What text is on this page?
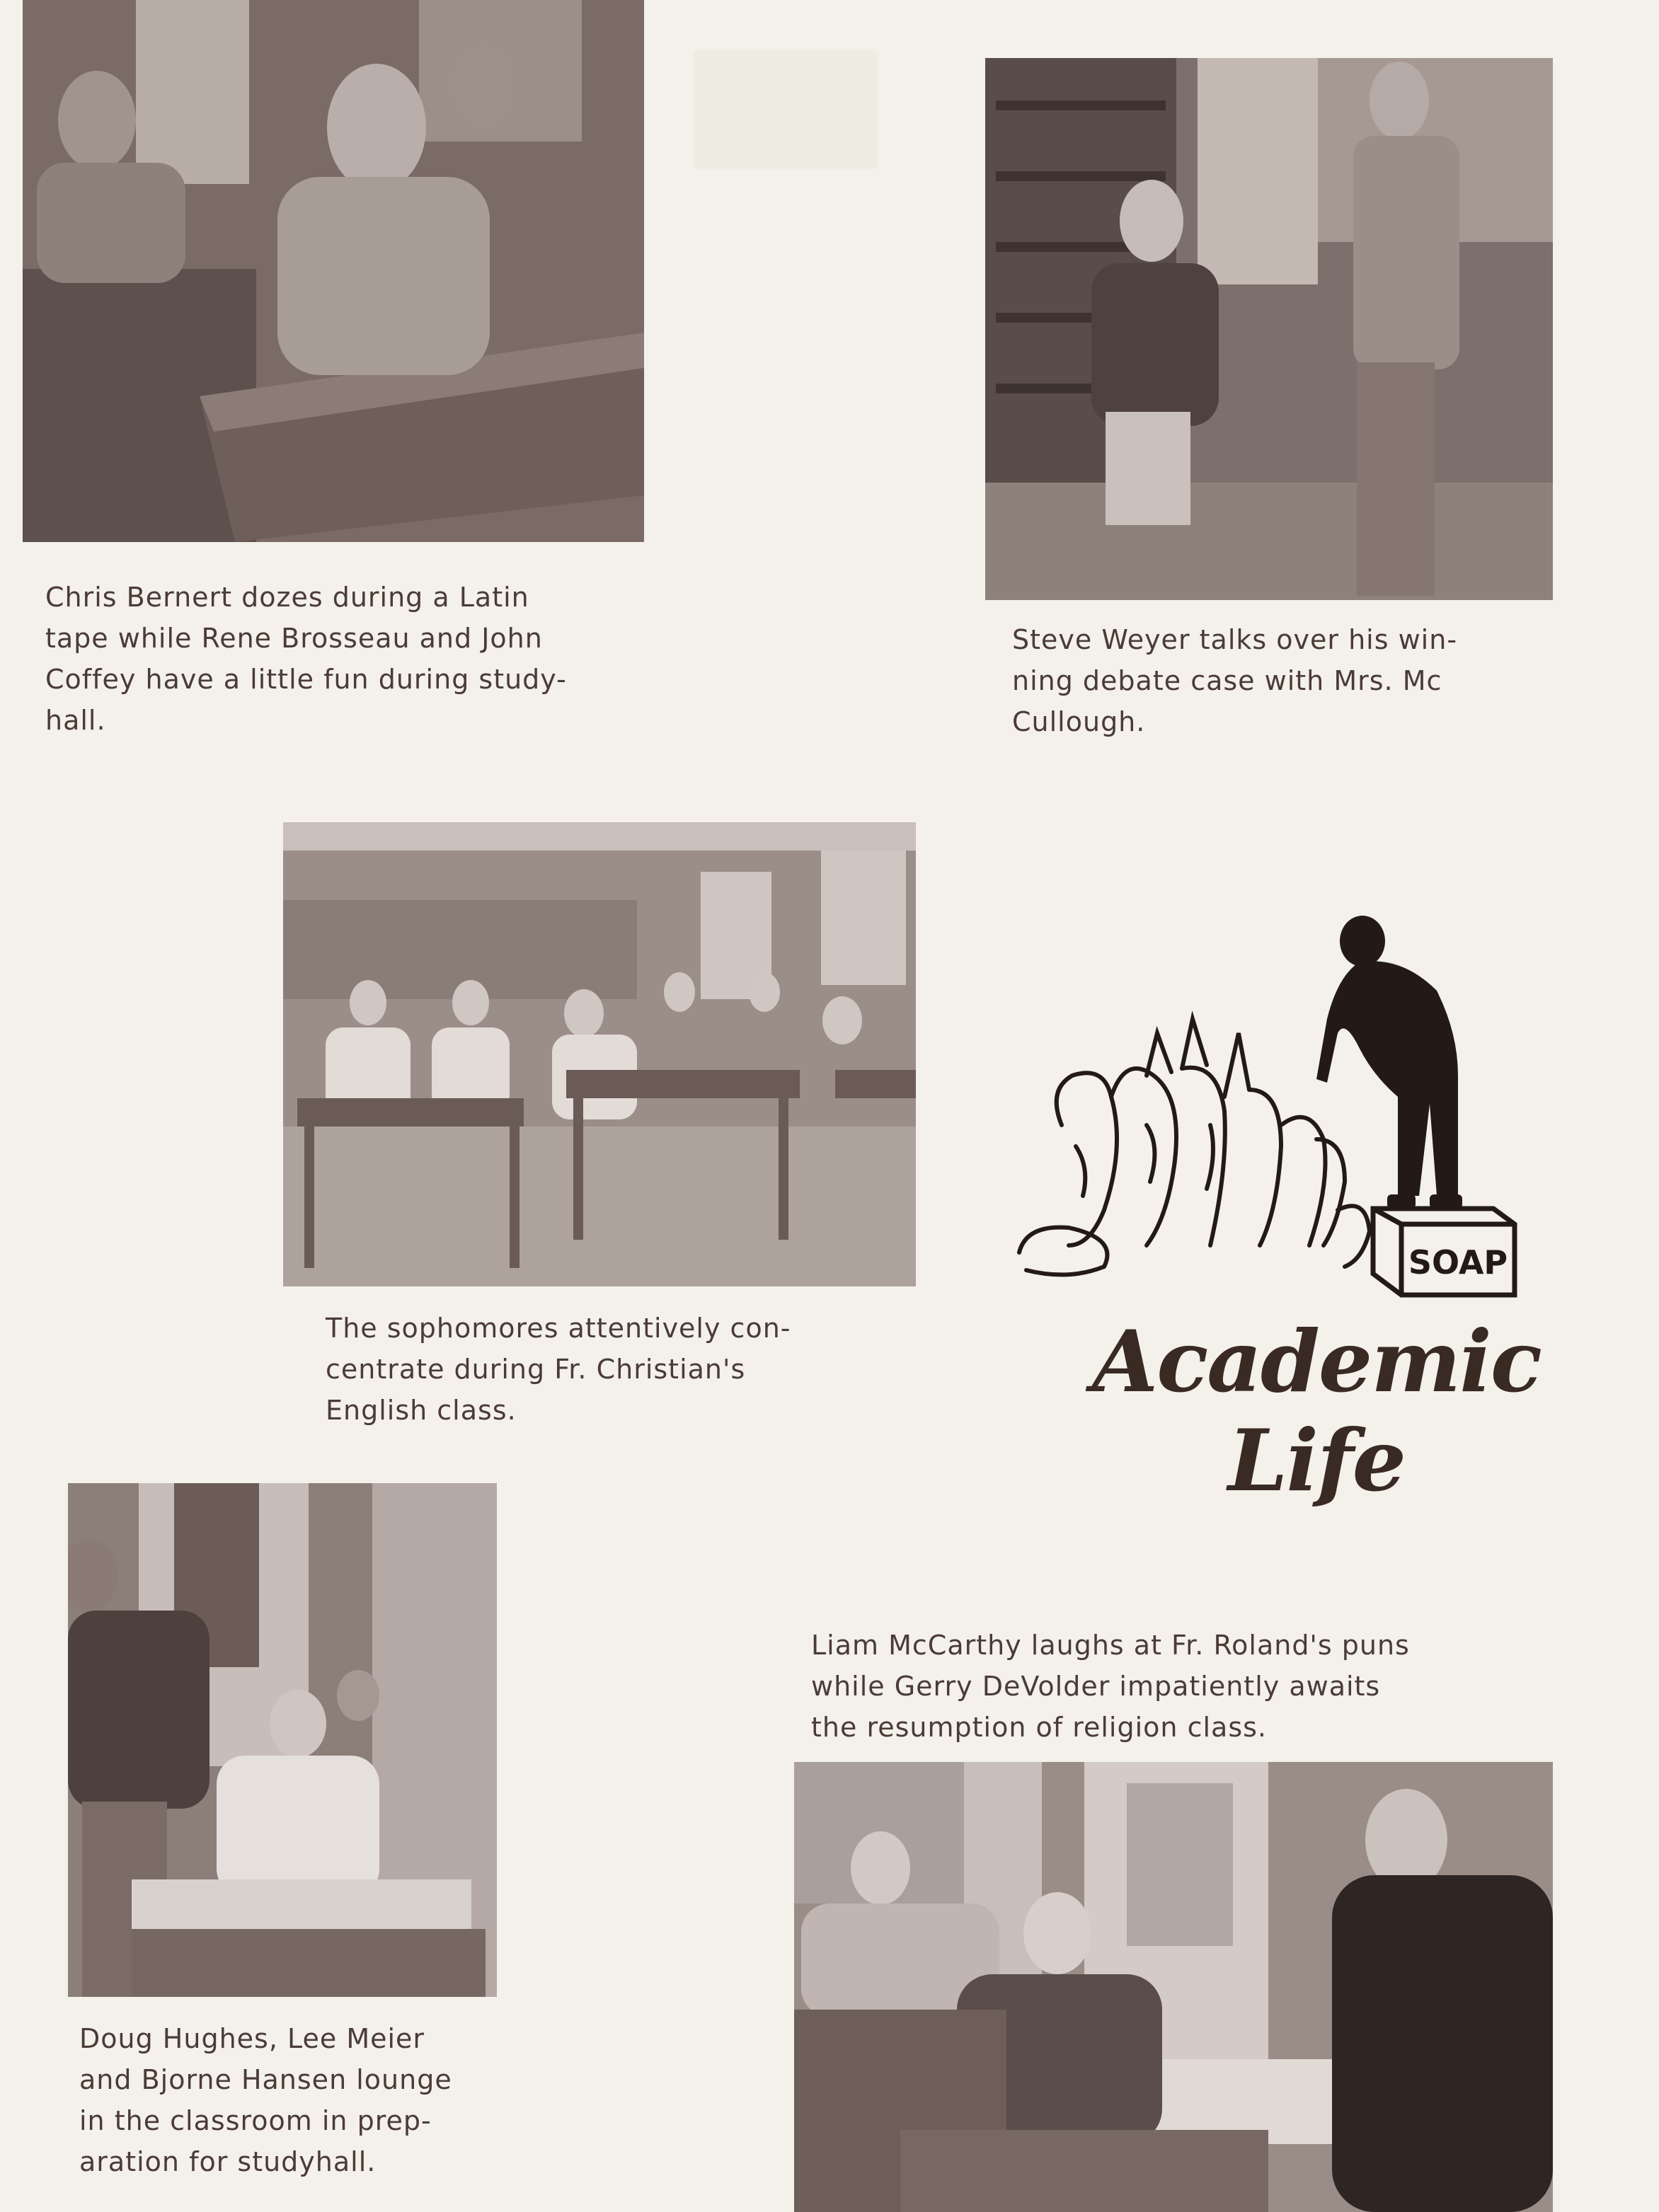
Chris Bernert dozes during a Latin
tape while Rene Brosseau and John
Coffey have a little fun during study-
hall.

Steve Weyer talks over his win-
ning debate case with Mrs. Mc
Cullough.

The sophomores attentively con-
centrate during Fr. Christian's
English class.

SOAP
Academic Life

Doug Hughes, Lee Meier
and Bjorne Hansen lounge
in the classroom in prep-
aration for studyhall.

Liam McCarthy laughs at Fr. Roland's puns
while Gerry DeVolder impatiently awaits
the resumption of religion class.
